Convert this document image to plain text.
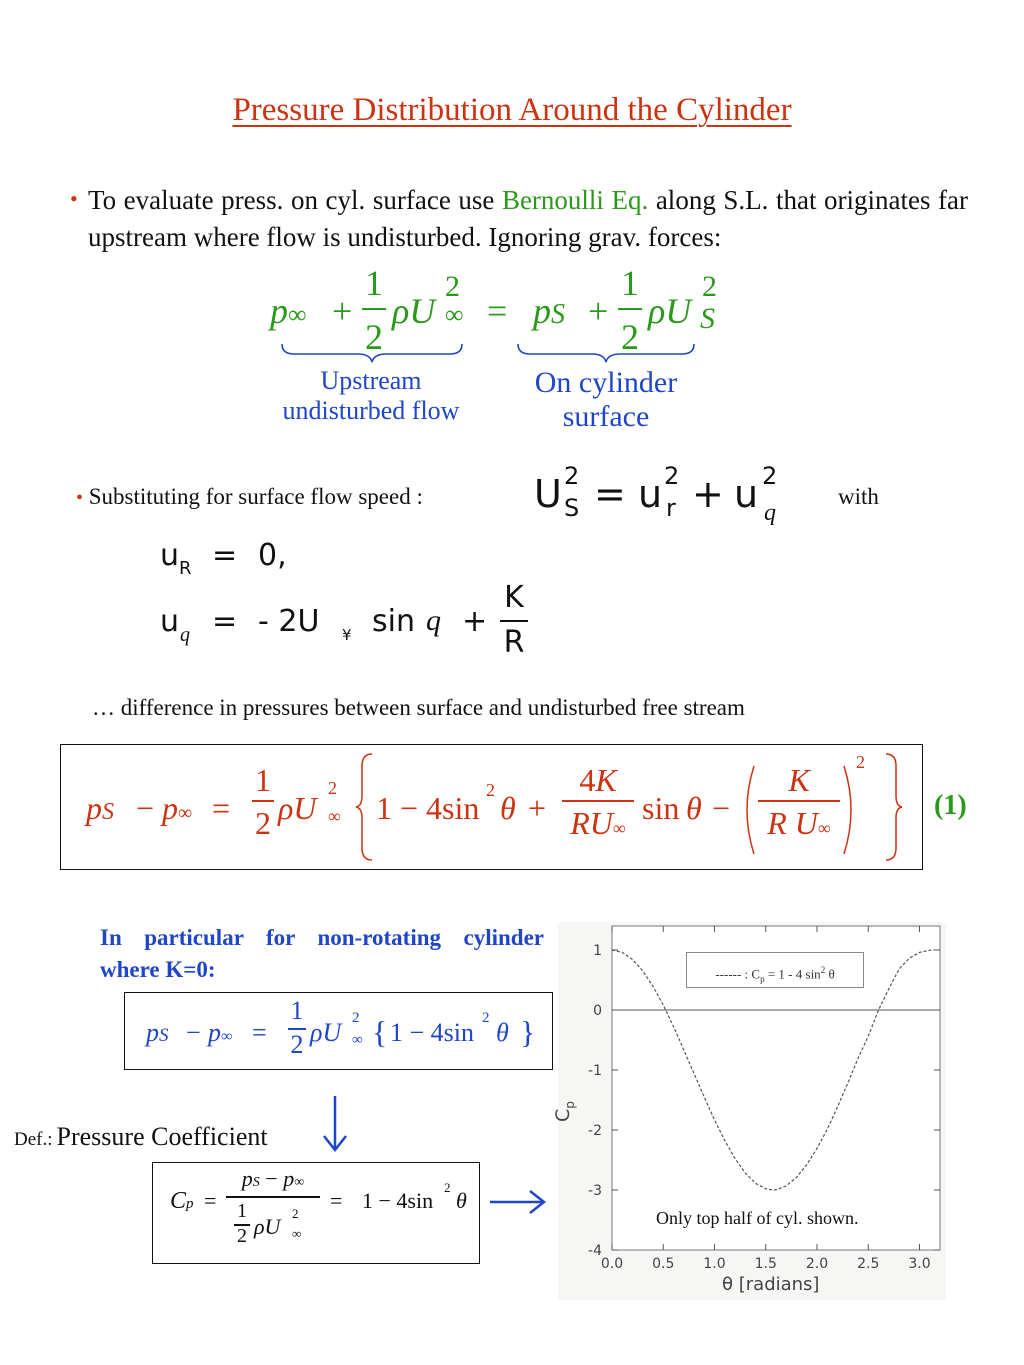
Pressure Distribution Around the Cylinder
• To evaluate press. on cyl. surface use Bernoulli Eq. along S.L. that originates far upstream where flow is undisturbed. Ignoring grav. forces:
p∞ +
1
2
ρU
2
∞ = pS +
1
2
ρU
2
S
Upstream undisturbed flow
On cylinder surface
• Substituting for surface flow speed :	U 2
S = u 2
r + u 2
q
with
u R = 0,
u q = - 2U ¥ sin q +
K
R
… difference in pressures between surface and undisturbed free stream
pS − p∞ =
1
2 ρU
2
∞ 1 − 4sin 2 θ +
4K
RU∞
sin θ −
K
R U∞
2
(1)
In particular for non-rotating cylinder
where K=0:
pS − p∞ =
1
2 ρU 2
∞ { 1 − 4sin 2 θ }
Def.: Pressure Coefficient
Cp =
pS − p∞
1
2 ρU
2
∞
= 1 − 4sin
2
θ
1
0
-1
-2
-3
-4
0.0 0.5 1.0 1.5 2.0 2.5 3.0
------ : $C_p = 1 - 4$ $\sin^2 \theta$
Only top half of cyl. shown.
$C_p$
θ [radians]
